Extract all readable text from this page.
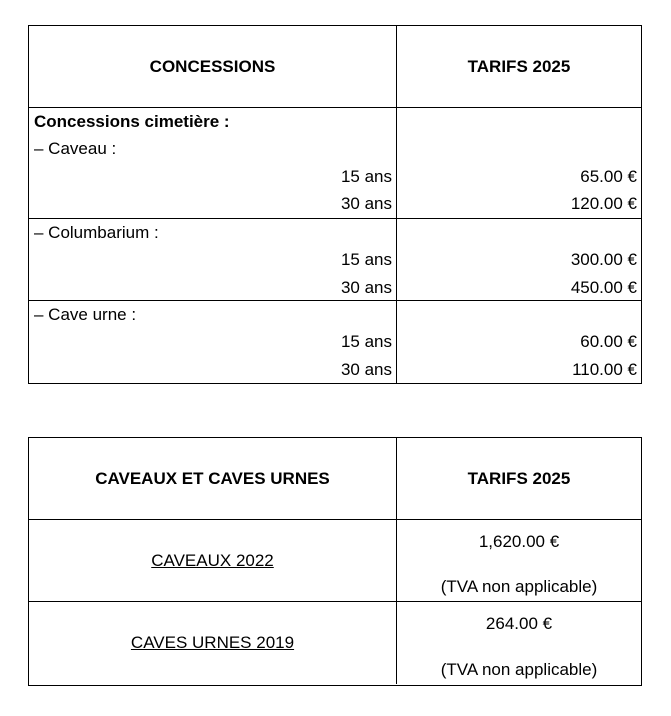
CONCESSIONS	TARIFS 2025
Concessions cimetière :
– Caveau :
15 ans
30 ans
65.00 €
120.00 €
– Columbarium :
15 ans
30 ans
300.00 €
450.00 €
– Cave urne :
15 ans
30 ans
60.00 €
110.00 €
CAVEAUX ET CAVES URNES	TARIFS 2025
CAVEAUX 2022
1,620.00 €
(TVA non applicable)
CAVES URNES 2019
264.00 €
(TVA non applicable)
